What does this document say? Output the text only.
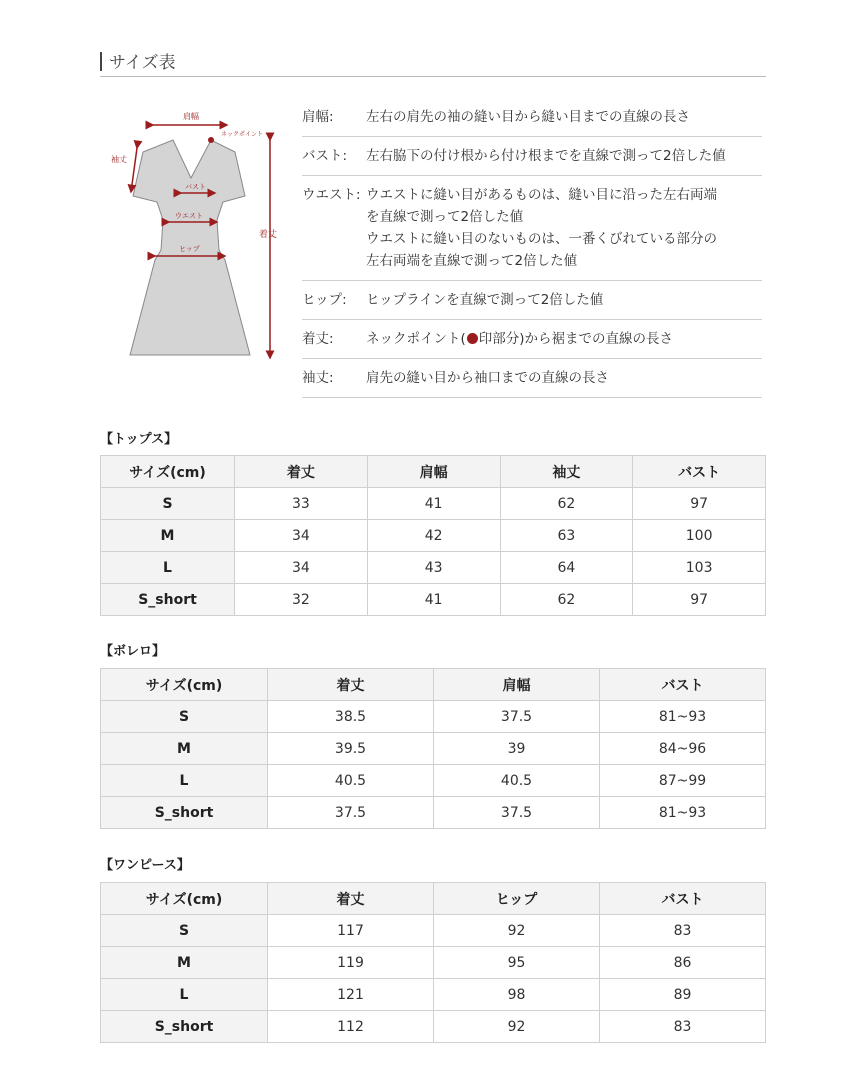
サイズ表
肩幅
ネックポイント
袖丈
バスト
ウエスト
ヒップ
着丈
肩幅:	左右の肩先の袖の縫い目から縫い目までの直線の長さ
バスト:	左右脇下の付け根から付け根までを直線で測って2倍した値
ウエスト: ウエストに縫い目があるものは、縫い目に沿った左右両端
を直線で測って2倍した値
ウエストに縫い目のないものは、一番くびれている部分の
左右両端を直線で測って2倍した値
ヒップ:	ヒップラインを直線で測って2倍した値
着丈:	ネックポイント( 印部分)から裾までの直線の長さ
袖丈:	肩先の縫い目から袖口までの直線の長さ
【トップス】
サイズ(cm)	着丈	肩幅	袖丈	バスト
S	33	41	62	97
M	34	42	63	100
L	34	43	64	103
S_short	32	41	62	97
【ボレロ】
サイズ(cm)	着丈	肩幅	バスト
S	38.5	37.5	81~93
M	39.5	39	84~96
L	40.5	40.5	87~99
S_short	37.5	37.5	81~93
【ワンピース】
サイズ(cm)	着丈	ヒップ	バスト
S	117	92	83
M	119	95	86
L	121	98	89
S_short	112	92	83
